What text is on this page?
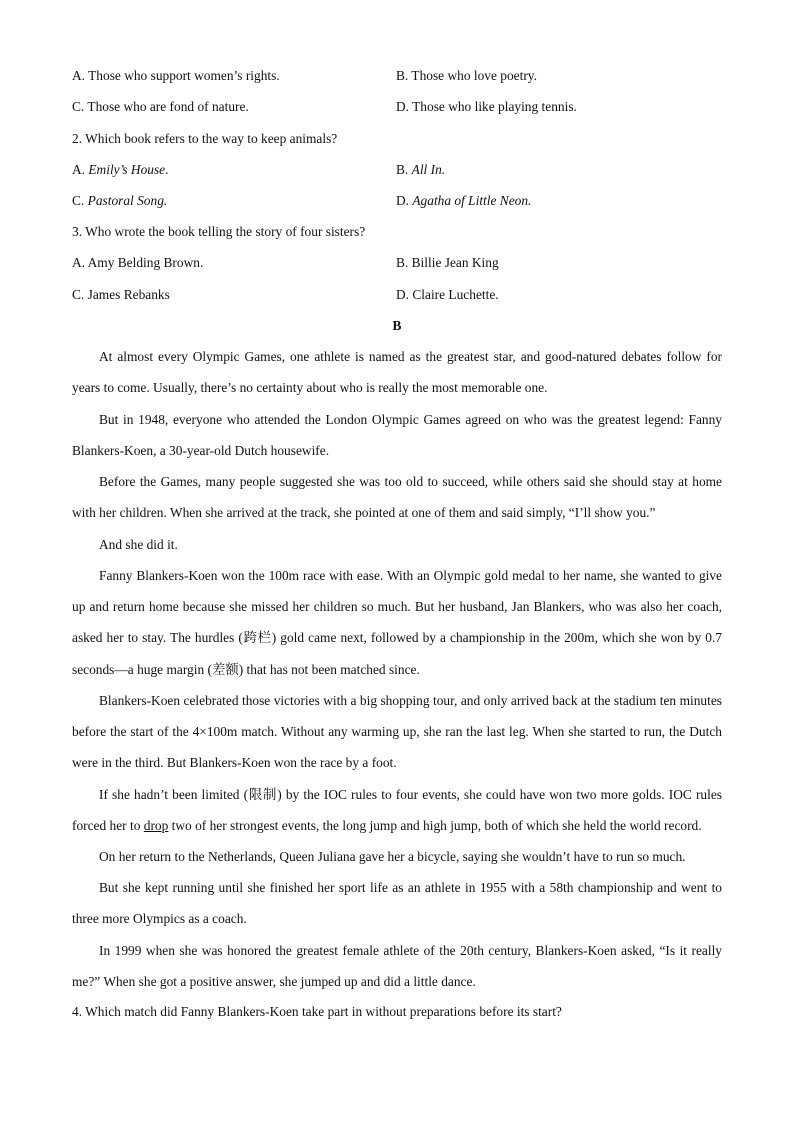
A. Those who support women’s rights.	B. Those who love poetry.
C. Those who are fond of nature.	D. Those who like playing tennis.
2. Which book refers to the way to keep animals?
A. Emily’s House.	B. All In.
C. Pastoral Song.	D. Agatha of Little Neon.
3. Who wrote the book telling the story of four sisters?
A. Amy Belding Brown.	B. Billie Jean King
C. James Rebanks	D. Claire Luchette.
B
At almost every Olympic Games, one athlete is named as the greatest star, and good-natured debates follow for years to come. Usually, there’s no certainty about who is really the most memorable one.
But in 1948, everyone who attended the London Olympic Games agreed on who was the greatest legend: Fanny Blankers-Koen, a 30-year-old Dutch housewife.
Before the Games, many people suggested she was too old to succeed, while others said she should stay at home with her children. When she arrived at the track, she pointed at one of them and said simply, “I’ll show you.”
And she did it.
Fanny Blankers-Koen won the 100m race with ease. With an Olympic gold medal to her name, she wanted to give up and return home because she missed her children so much. But her husband, Jan Blankers, who was also her coach, asked her to stay. The hurdles (跨栏) gold came next, followed by a championship in the 200m, which she won by 0.7 seconds—a huge margin (差额) that has not been matched since.
Blankers-Koen celebrated those victories with a big shopping tour, and only arrived back at the stadium ten minutes before the start of the 4×100m match. Without any warming up, she ran the last leg. When she started to run, the Dutch were in the third. But Blankers-Koen won the race by a foot.
If she hadn’t been limited (限制) by the IOC rules to four events, she could have won two more golds. IOC rules forced her to drop two of her strongest events, the long jump and high jump, both of which she held the world record.
On her return to the Netherlands, Queen Juliana gave her a bicycle, saying she wouldn’t have to run so much.
But she kept running until she finished her sport life as an athlete in 1955 with a 58th championship and went to three more Olympics as a coach.
In 1999 when she was honored the greatest female athlete of the 20th century, Blankers-Koen asked, “Is it really me?” When she got a positive answer, she jumped up and did a little dance.
4. Which match did Fanny Blankers-Koen take part in without preparations before its start?
